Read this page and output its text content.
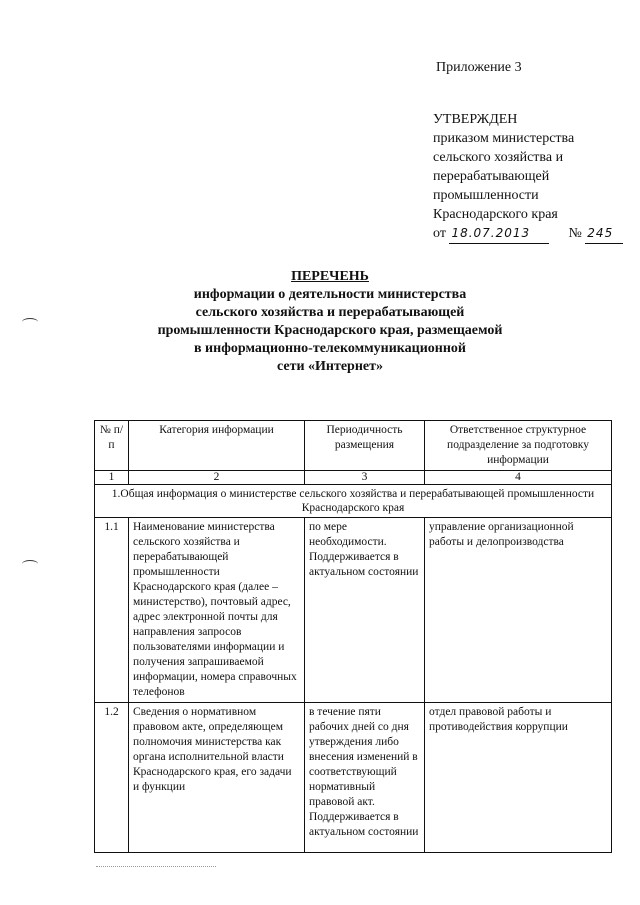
Приложение 3
УТВЕРЖДЕН
приказом министерства
сельского хозяйства и
перерабатывающей
промышленности
Краснодарского края
от 18.07.2013	№ 245
ПЕРЕЧЕНЬ
информации о деятельности министерства
сельского хозяйства и перерабатывающей
промышленности Краснодарского края, размещаемой
в информационно-телекоммуникационной
сети «Интернет»
№ п/п	Категория информации	Периодичность размещения	Ответственное структурное подразделение за подготовку информации
1	2	3	4
1.Общая информация о министерстве сельского хозяйства и перерабатывающей промышленности Краснодарского края			
1.1	Наименование министерства сельского хозяйства и перерабатывающей промышленности Краснодарского края (далее – министерство), почтовый адрес, адрес электронной почты для направления запросов пользователями информации и получения запрашиваемой информации, номера справочных телефонов	по мере необходимости. Поддерживается в актуальном состоянии	управление организационной работы и делопроизводства
1.2	Сведения о нормативном правовом акте, определяющем полномочия министерства как органа исполнительной власти Краснодарского края, его задачи и функции	в течение пяти рабочих дней со дня утверждения либо внесения изменений в соответствующий нормативный правовой акт. Поддерживается в актуальном состоянии	отдел правовой работы и противодействия коррупции
